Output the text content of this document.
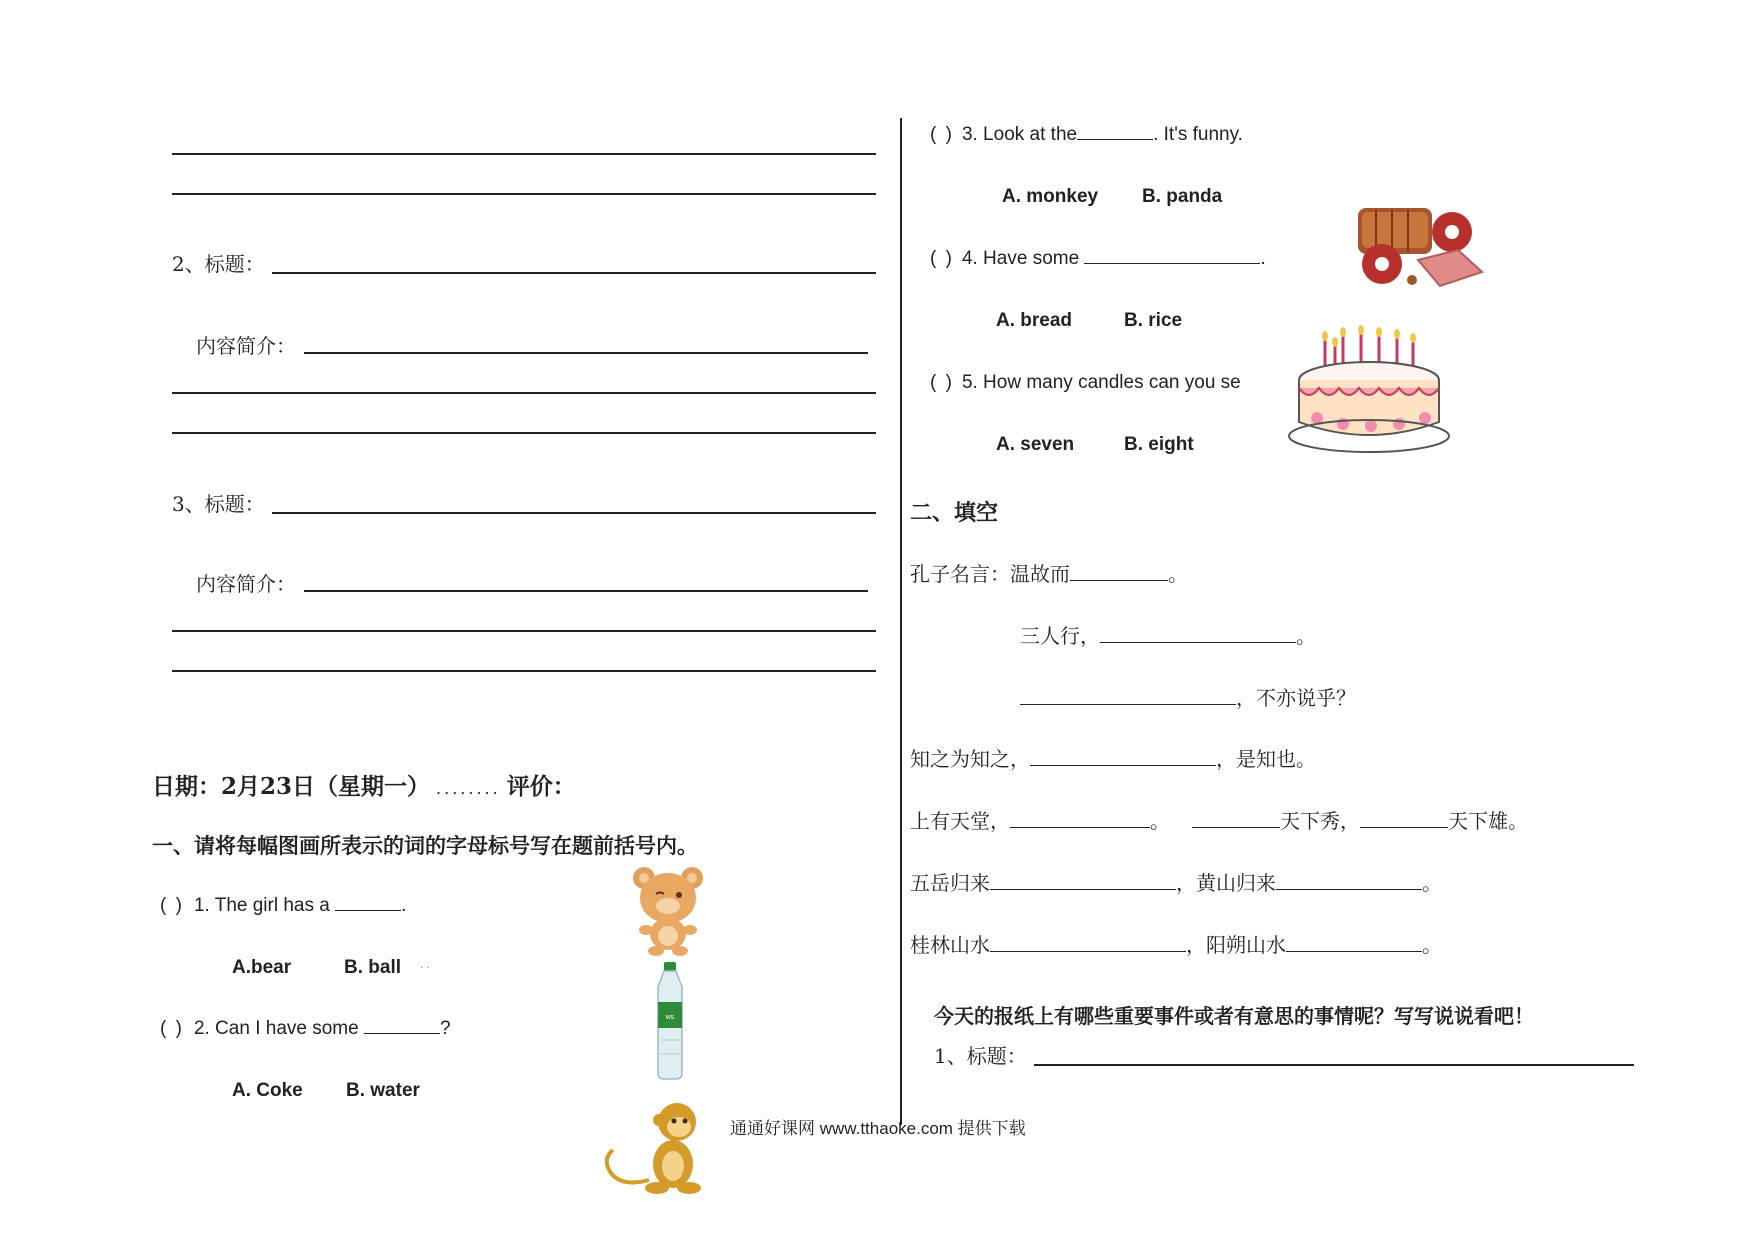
2、标题：
内容简介：
3、标题：
内容简介：
日期：2月23日（星期一） ........ 评价：
一、请将每幅图画所表示的词的字母标号写在题前括号内。
( ) 1. The girl has a	.
A.bear	B. ball . .
( ) 2. Can I have some	?
A. Coke B. water
ws
( ) 3. Look at the	. It's funny.
A. monkey B. panda
( ) 4. Have some	.
A. bread	B. rice
( ) 5. How many candles can you se
A. seven	B. eight
二、填空
孔子名言：温故而	。
三人行，	。
，不亦说乎？
知之为知之，	，是知也。
上有天堂，	。	天下秀，	天下雄。
五岳归来	，黄山归来	。
桂林山水	，阳朔山水	。
今天的报纸上有哪些重要事件或者有意思的事情呢？写写说说看吧！
1、标题：
通通好课网 www.tthaoke.com 提供下载
